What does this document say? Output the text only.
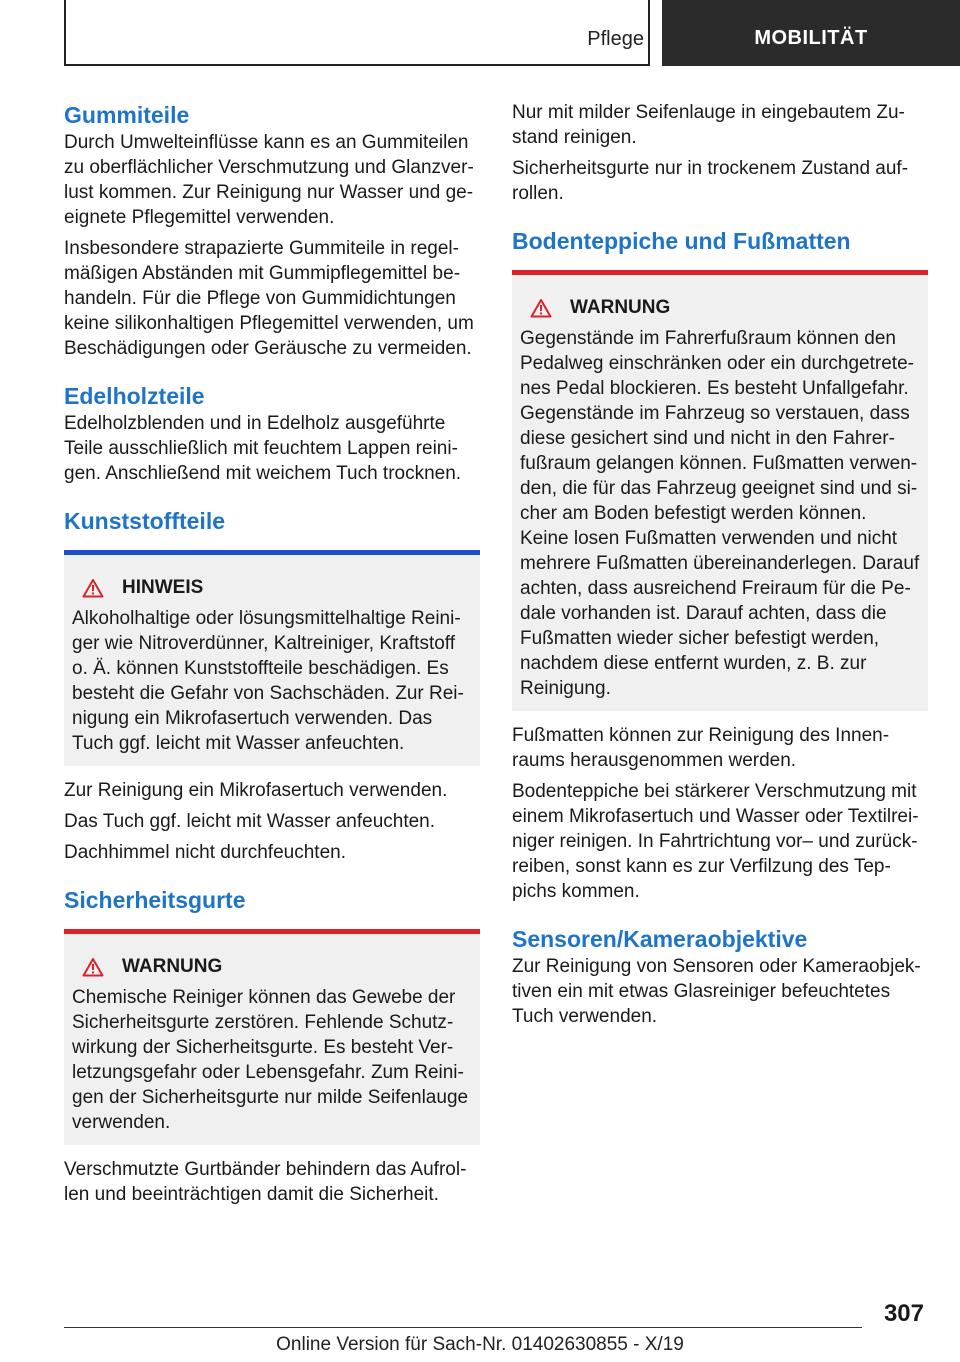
Pflege	MOBILITÄT
Gummiteile

Durch Umwelteinflüsse kann es an Gummiteilen zu oberflächlicher Verschmutzung und Glanzverlust kommen. Zur Reinigung nur Wasser und geeignete Pflegemittel verwenden.

Insbesondere strapazierte Gummiteile in regelmäßigen Abständen mit Gummipflegemittel behandeln. Für die Pflege von Gummidichtungen keine silikonhaltigen Pflegemittel verwenden, um Beschädigungen oder Geräusche zu vermeiden.

Edelholzteile

Edelholzblenden und in Edelholz ausgeführte Teile ausschließlich mit feuchtem Lappen reinigen. Anschließend mit weichem Tuch trocknen.

Kunststoffteile
HINWEIS

Alkoholhaltige oder lösungsmittelhaltige Reiniger wie Nitroverdünner, Kaltreiniger, Kraftstoff o. Ä. können Kunststoffteile beschädigen. Es besteht die Gefahr von Sachschäden. Zur Reinigung ein Mikrofasertuch verwenden. Das Tuch ggf. leicht mit Wasser anfeuchten.

Zur Reinigung ein Mikrofasertuch verwenden.

Das Tuch ggf. leicht mit Wasser anfeuchten.

Dachhimmel nicht durchfeuchten.

Sicherheitsgurte
WARNUNG

Chemische Reiniger können das Gewebe der Sicherheitsgurte zerstören. Fehlende Schutzwirkung der Sicherheitsgurte. Es besteht Verletzungsgefahr oder Lebensgefahr. Zum Reinigen der Sicherheitsgurte nur milde Seifenlauge verwenden.

Verschmutzte Gurtbänder behindern das Aufrollen und beeinträchtigen damit die Sicherheit.

Nur mit milder Seifenlauge in eingebautem Zustand reinigen.

Sicherheitsgurte nur in trockenem Zustand aufrollen.

Bodenteppiche und Fußmatten
WARNUNG

Gegenstände im Fahrerfußraum können den Pedalweg einschränken oder ein durchgetretenes Pedal blockieren. Es besteht Unfallgefahr. Gegenstände im Fahrzeug so verstauen, dass diese gesichert sind und nicht in den Fahrerfußraum gelangen können. Fußmatten verwenden, die für das Fahrzeug geeignet sind und sicher am Boden befestigt werden können.

Keine losen Fußmatten verwenden und nicht mehrere Fußmatten übereinanderlegen. Darauf achten, dass ausreichend Freiraum für die Pedale vorhanden ist. Darauf achten, dass die Fußmatten wieder sicher befestigt werden, nachdem diese entfernt wurden, z. B. zur Reinigung.

Fußmatten können zur Reinigung des Innenraums herausgenommen werden.

Bodenteppiche bei stärkerer Verschmutzung mit einem Mikrofasertuch und Wasser oder Textilreiniger reinigen. In Fahrtrichtung vor– und zurückreiben, sonst kann es zur Verfilzung des Teppichs kommen.

Sensoren/Kameraobjektive

Zur Reinigung von Sensoren oder Kameraobjektiven ein mit etwas Glasreiniger befeuchtetes Tuch verwenden.

307
Online Version für Sach-Nr. 01402630855 - X/19
